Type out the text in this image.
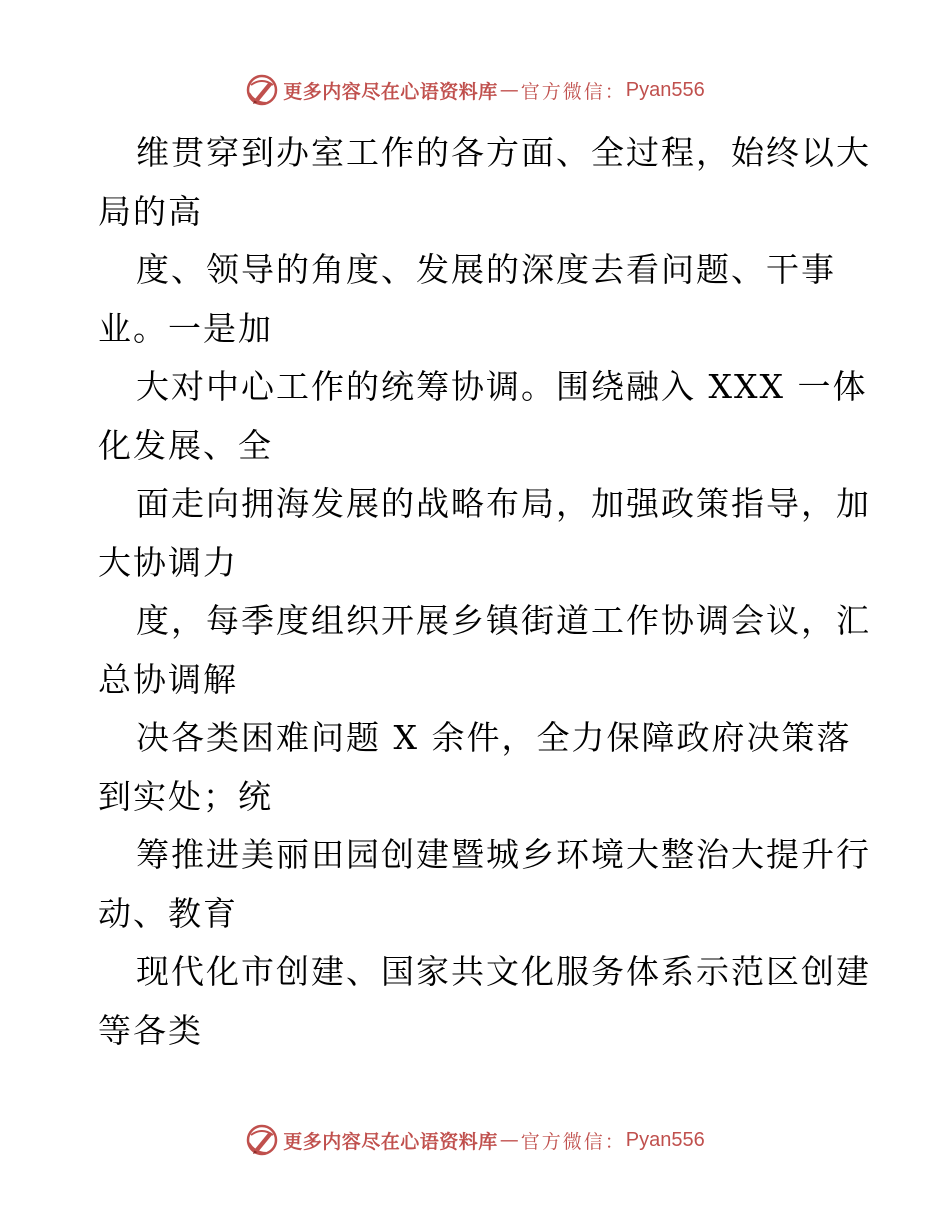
更多内容尽在心语资料库 — 官方微信： Pyan556
维贯穿到办室工作的各方面、全过程，始终以大
局的高
度、领导的角度、发展的深度去看问题、干事
业。一是加
大对中心工作的统筹协调。围绕融入 XXX 一体
化发展、全
面走向拥海发展的战略布局，加强政策指导，加
大协调力
度，每季度组织开展乡镇街道工作协调会议，汇
总协调解
决各类困难问题 X 余件，全力保障政府决策落
到实处；统
筹推进美丽田园创建暨城乡环境大整治大提升行
动、教育
现代化市创建、国家共文化服务体系示范区创建
等各类
更多内容尽在心语资料库 — 官方微信： Pyan556
